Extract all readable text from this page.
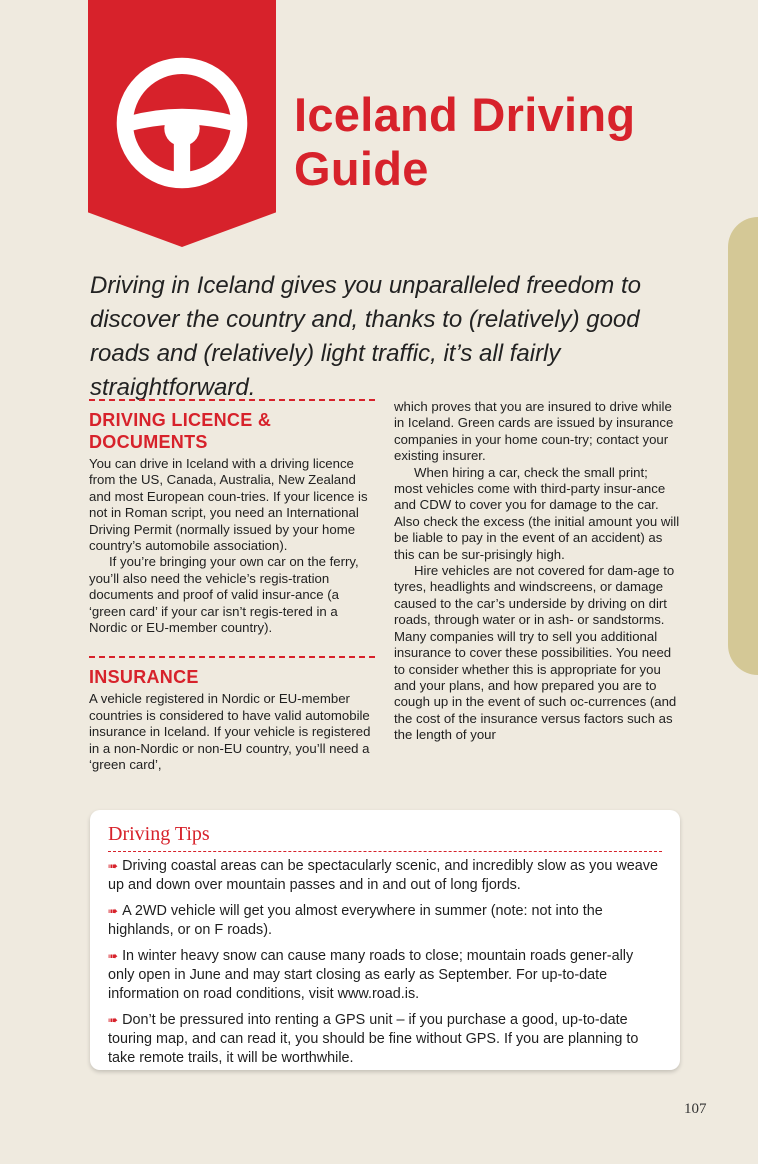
Iceland Driving
Guide

Driving in Iceland gives you unparalleled freedom to discover the country and, thanks to (relatively) good roads and (relatively) light traffic, it’s all fairly straightforward.

DRIVING LICENCE & DOCUMENTS

You can drive in Iceland with a driving licence from the US, Canada, Australia, New Zealand and most European coun-tries. If your licence is not in Roman script, you need an International Driving Permit (normally issued by your home country’s automobile association).

If you’re bringing your own car on the ferry, you’ll also need the vehicle’s regis-tration documents and proof of valid insur-ance (a ‘green card’ if your car isn’t regis-tered in a Nordic or EU-member country).

INSURANCE

A vehicle registered in Nordic or EU-member countries is considered to have valid automobile insurance in Iceland. If your vehicle is registered in a non-Nordic or non-EU country, you’ll need a ‘green card’,

which proves that you are insured to drive while in Iceland. Green cards are issued by insurance companies in your home coun-try; contact your existing insurer.

When hiring a car, check the small print; most vehicles come with third-party insur-ance and CDW to cover you for damage to the car. Also check the excess (the initial amount you will be liable to pay in the event of an accident) as this can be sur-prisingly high.

Hire vehicles are not covered for dam-age to tyres, headlights and windscreens, or damage caused to the car’s underside by driving on dirt roads, through water or in ash- or sandstorms. Many companies will try to sell you additional insurance to cover these possibilities. You need to consider whether this is appropriate for you and your plans, and how prepared you are to cough up in the event of such oc-currences (and the cost of the insurance versus factors such as the length of your

Driving Tips

➠ Driving coastal areas can be spectacularly scenic, and incredibly slow as you weave up and down over mountain passes and in and out of long fjords.

➠ A 2WD vehicle will get you almost everywhere in summer (note: not into the highlands, or on F roads).

➠ In winter heavy snow can cause many roads to close; mountain roads gener-ally only open in June and may start closing as early as September. For up-to-date information on road conditions, visit www.road.is.

➠ Don’t be pressured into renting a GPS unit – if you purchase a good, up-to-date touring map, and can read it, you should be fine without GPS. If you are planning to take remote trails, it will be worthwhile.

107
